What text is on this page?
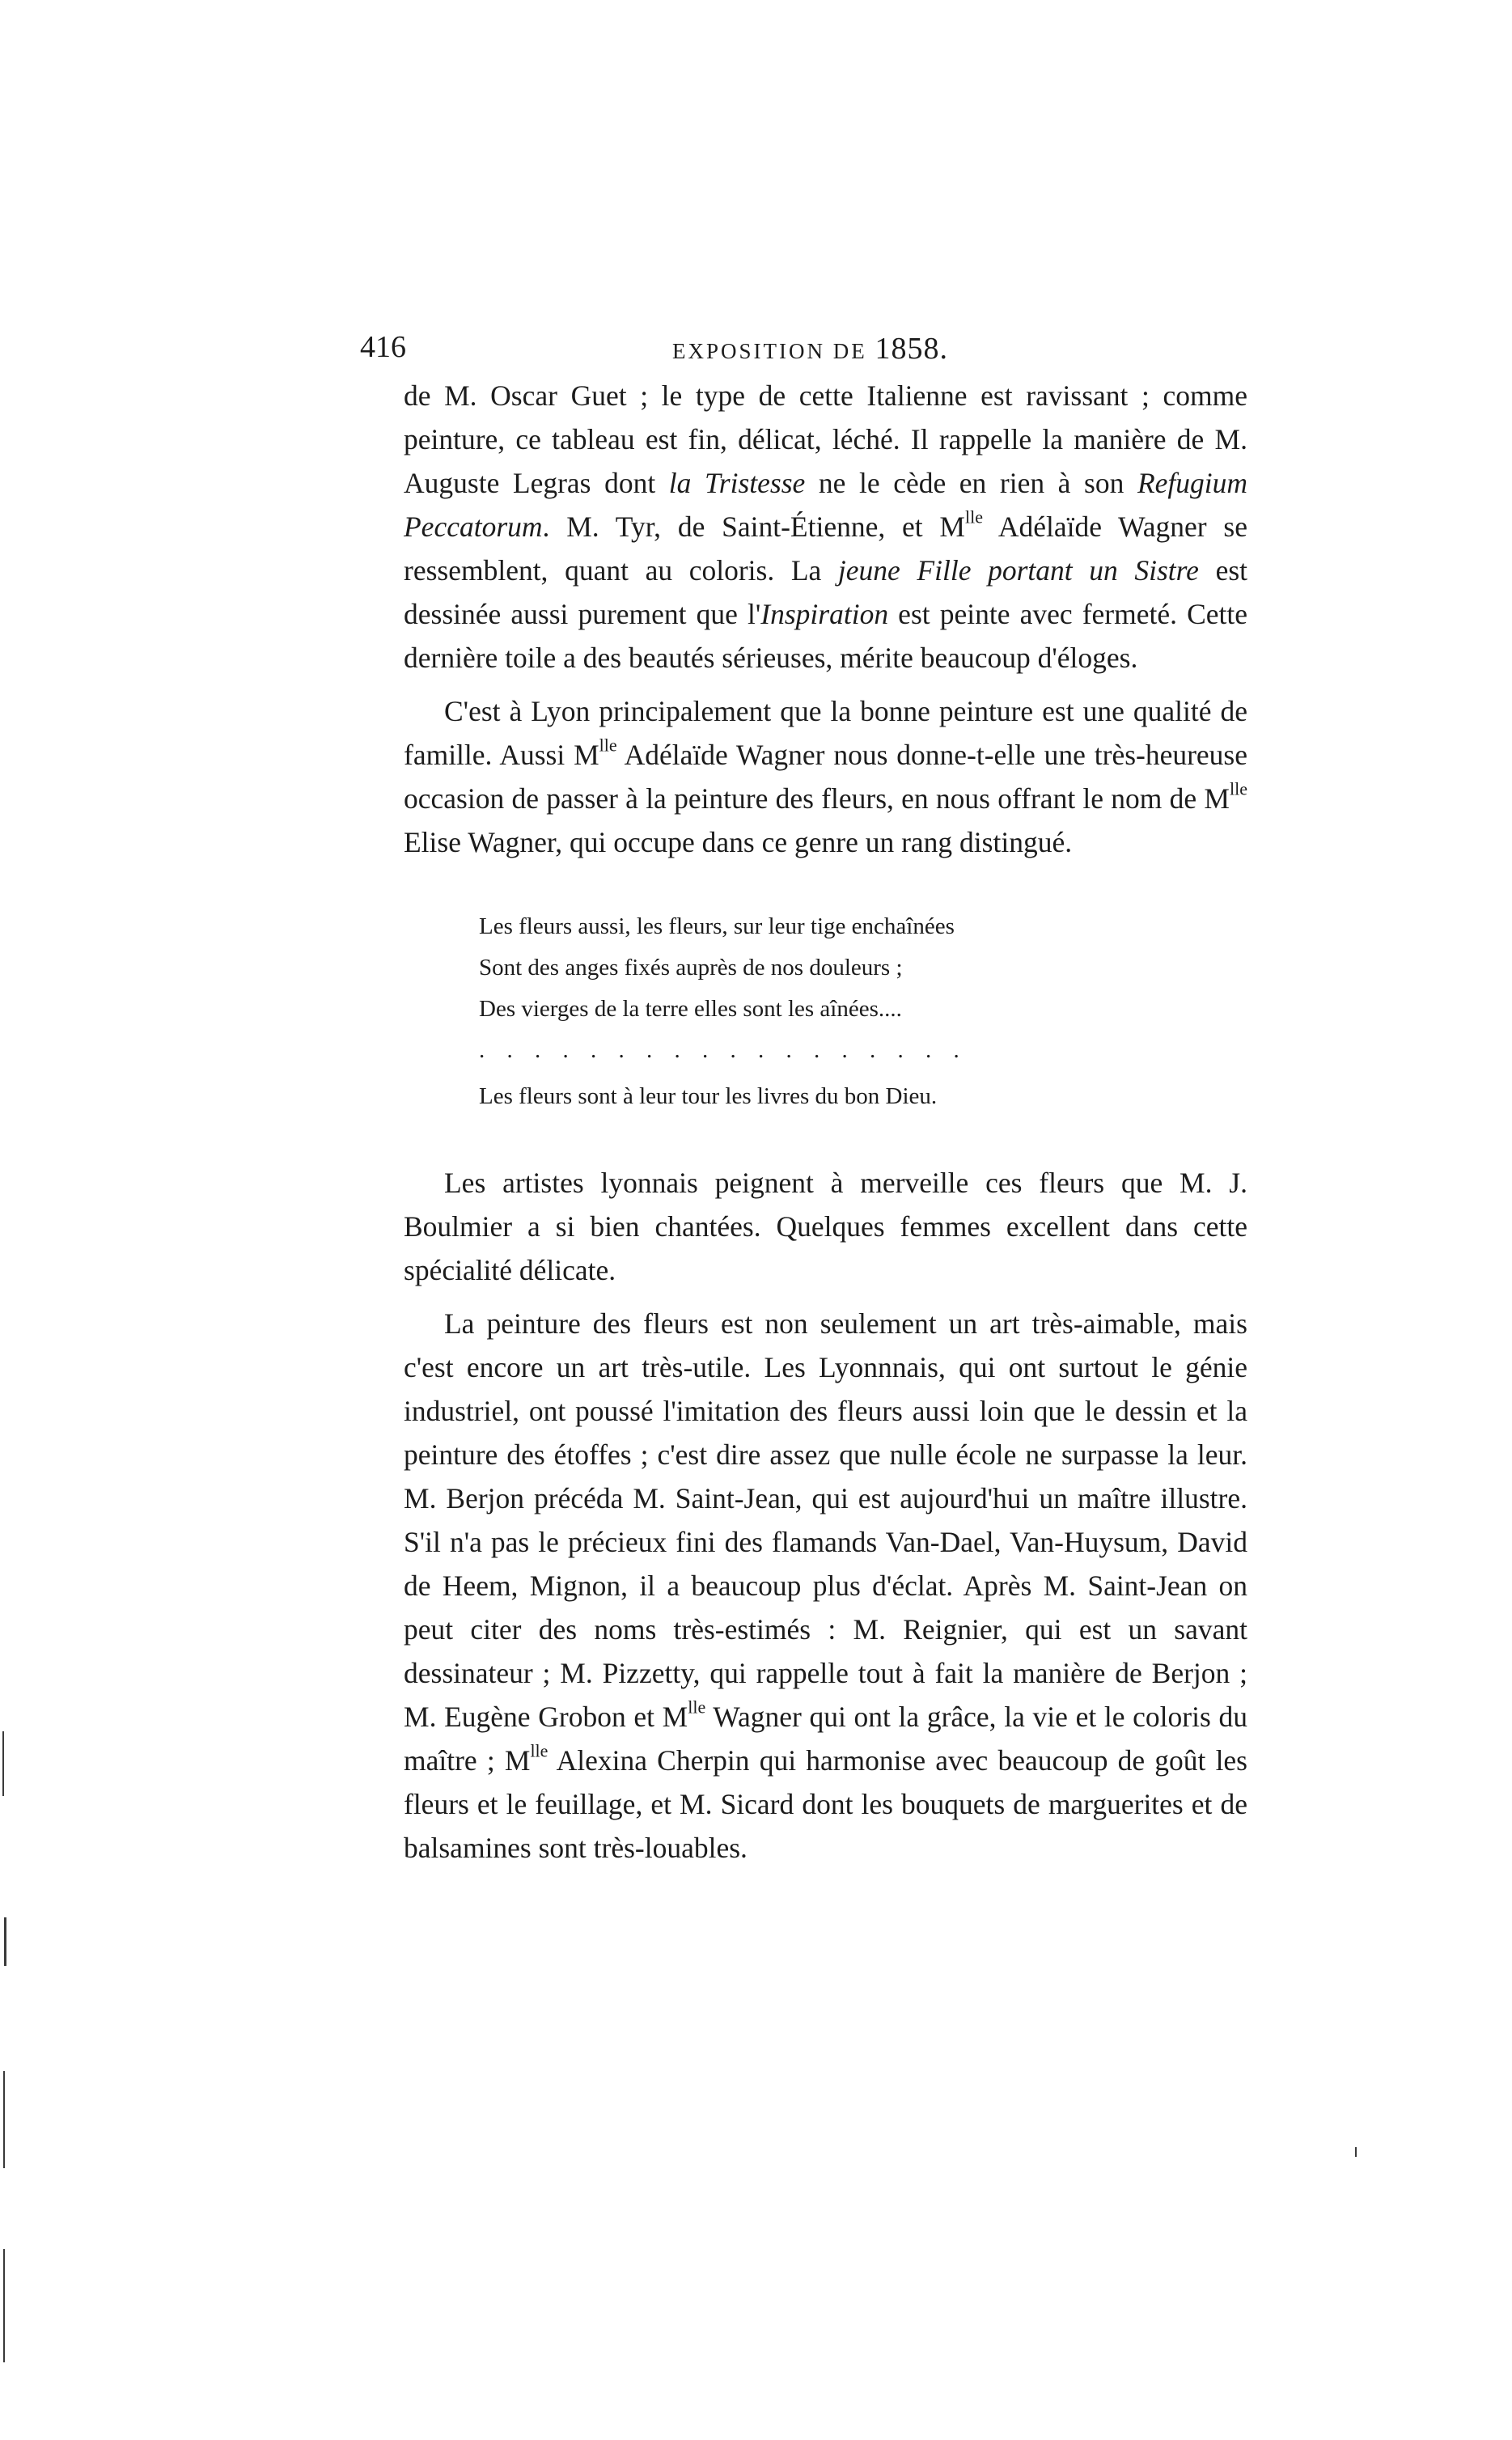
416	EXPOSITION DE 1858.

de M. Oscar Guet ; le type de cette Italienne est ravissant ; comme peinture, ce tableau est fin, délicat, léché. Il rappelle la manière de M. Auguste Legras dont la Tristesse ne le cède en rien à son Refugium Peccatorum. M. Tyr, de Saint-Étienne, et $M^{lle}$ Adélaïde Wagner se ressemblent, quant au coloris. La jeune Fille portant un Sistre est dessinée aussi purement que l'Inspiration est peinte avec fermeté. Cette dernière toile a des beautés sérieuses, mérite beaucoup d'éloges.

C'est à Lyon principalement que la bonne peinture est une qualité de famille. Aussi $M^{lle}$ Adélaïde Wagner nous donne-t-elle une très-heureuse occasion de passer à la peinture des fleurs, en nous offrant le nom de $M^{lle}$ Elise Wagner, qui occupe dans ce genre un rang distingué.

Les fleurs aussi, les fleurs, sur leur tige enchaînées
Sont des anges fixés auprès de nos douleurs ;
Des vierges de la terre elles sont les aînées....
. . . . . . . . . . . . . . . . . .
Les fleurs sont à leur tour les livres du bon Dieu.

Les artistes lyonnais peignent à merveille ces fleurs que M. J. Boulmier a si bien chantées. Quelques femmes excellent dans cette spécialité délicate.

La peinture des fleurs est non seulement un art très-aimable, mais c'est encore un art très-utile. Les Lyonnnais, qui ont surtout le génie industriel, ont poussé l'imitation des fleurs aussi loin que le dessin et la peinture des étoffes ; c'est dire assez que nulle école ne surpasse la leur. M. Berjon précéda M. Saint-Jean, qui est aujourd'hui un maître illustre. S'il n'a pas le précieux fini des flamands Van-Dael, Van-Huysum, David de Heem, Mignon, il a beaucoup plus d'éclat. Après M. Saint-Jean on peut citer des noms très-estimés : M. Reignier, qui est un savant dessinateur ; M. Pizzetty, qui rappelle tout à fait la manière de Berjon ; M. Eugène Grobon et $M^{lle}$ Wagner qui ont la grâce, la vie et le coloris du maître ; $M^{lle}$ Alexina Cherpin qui harmonise avec beaucoup de goût les fleurs et le feuillage, et M. Sicard dont les bouquets de marguerites et de balsamines sont très-louables.
